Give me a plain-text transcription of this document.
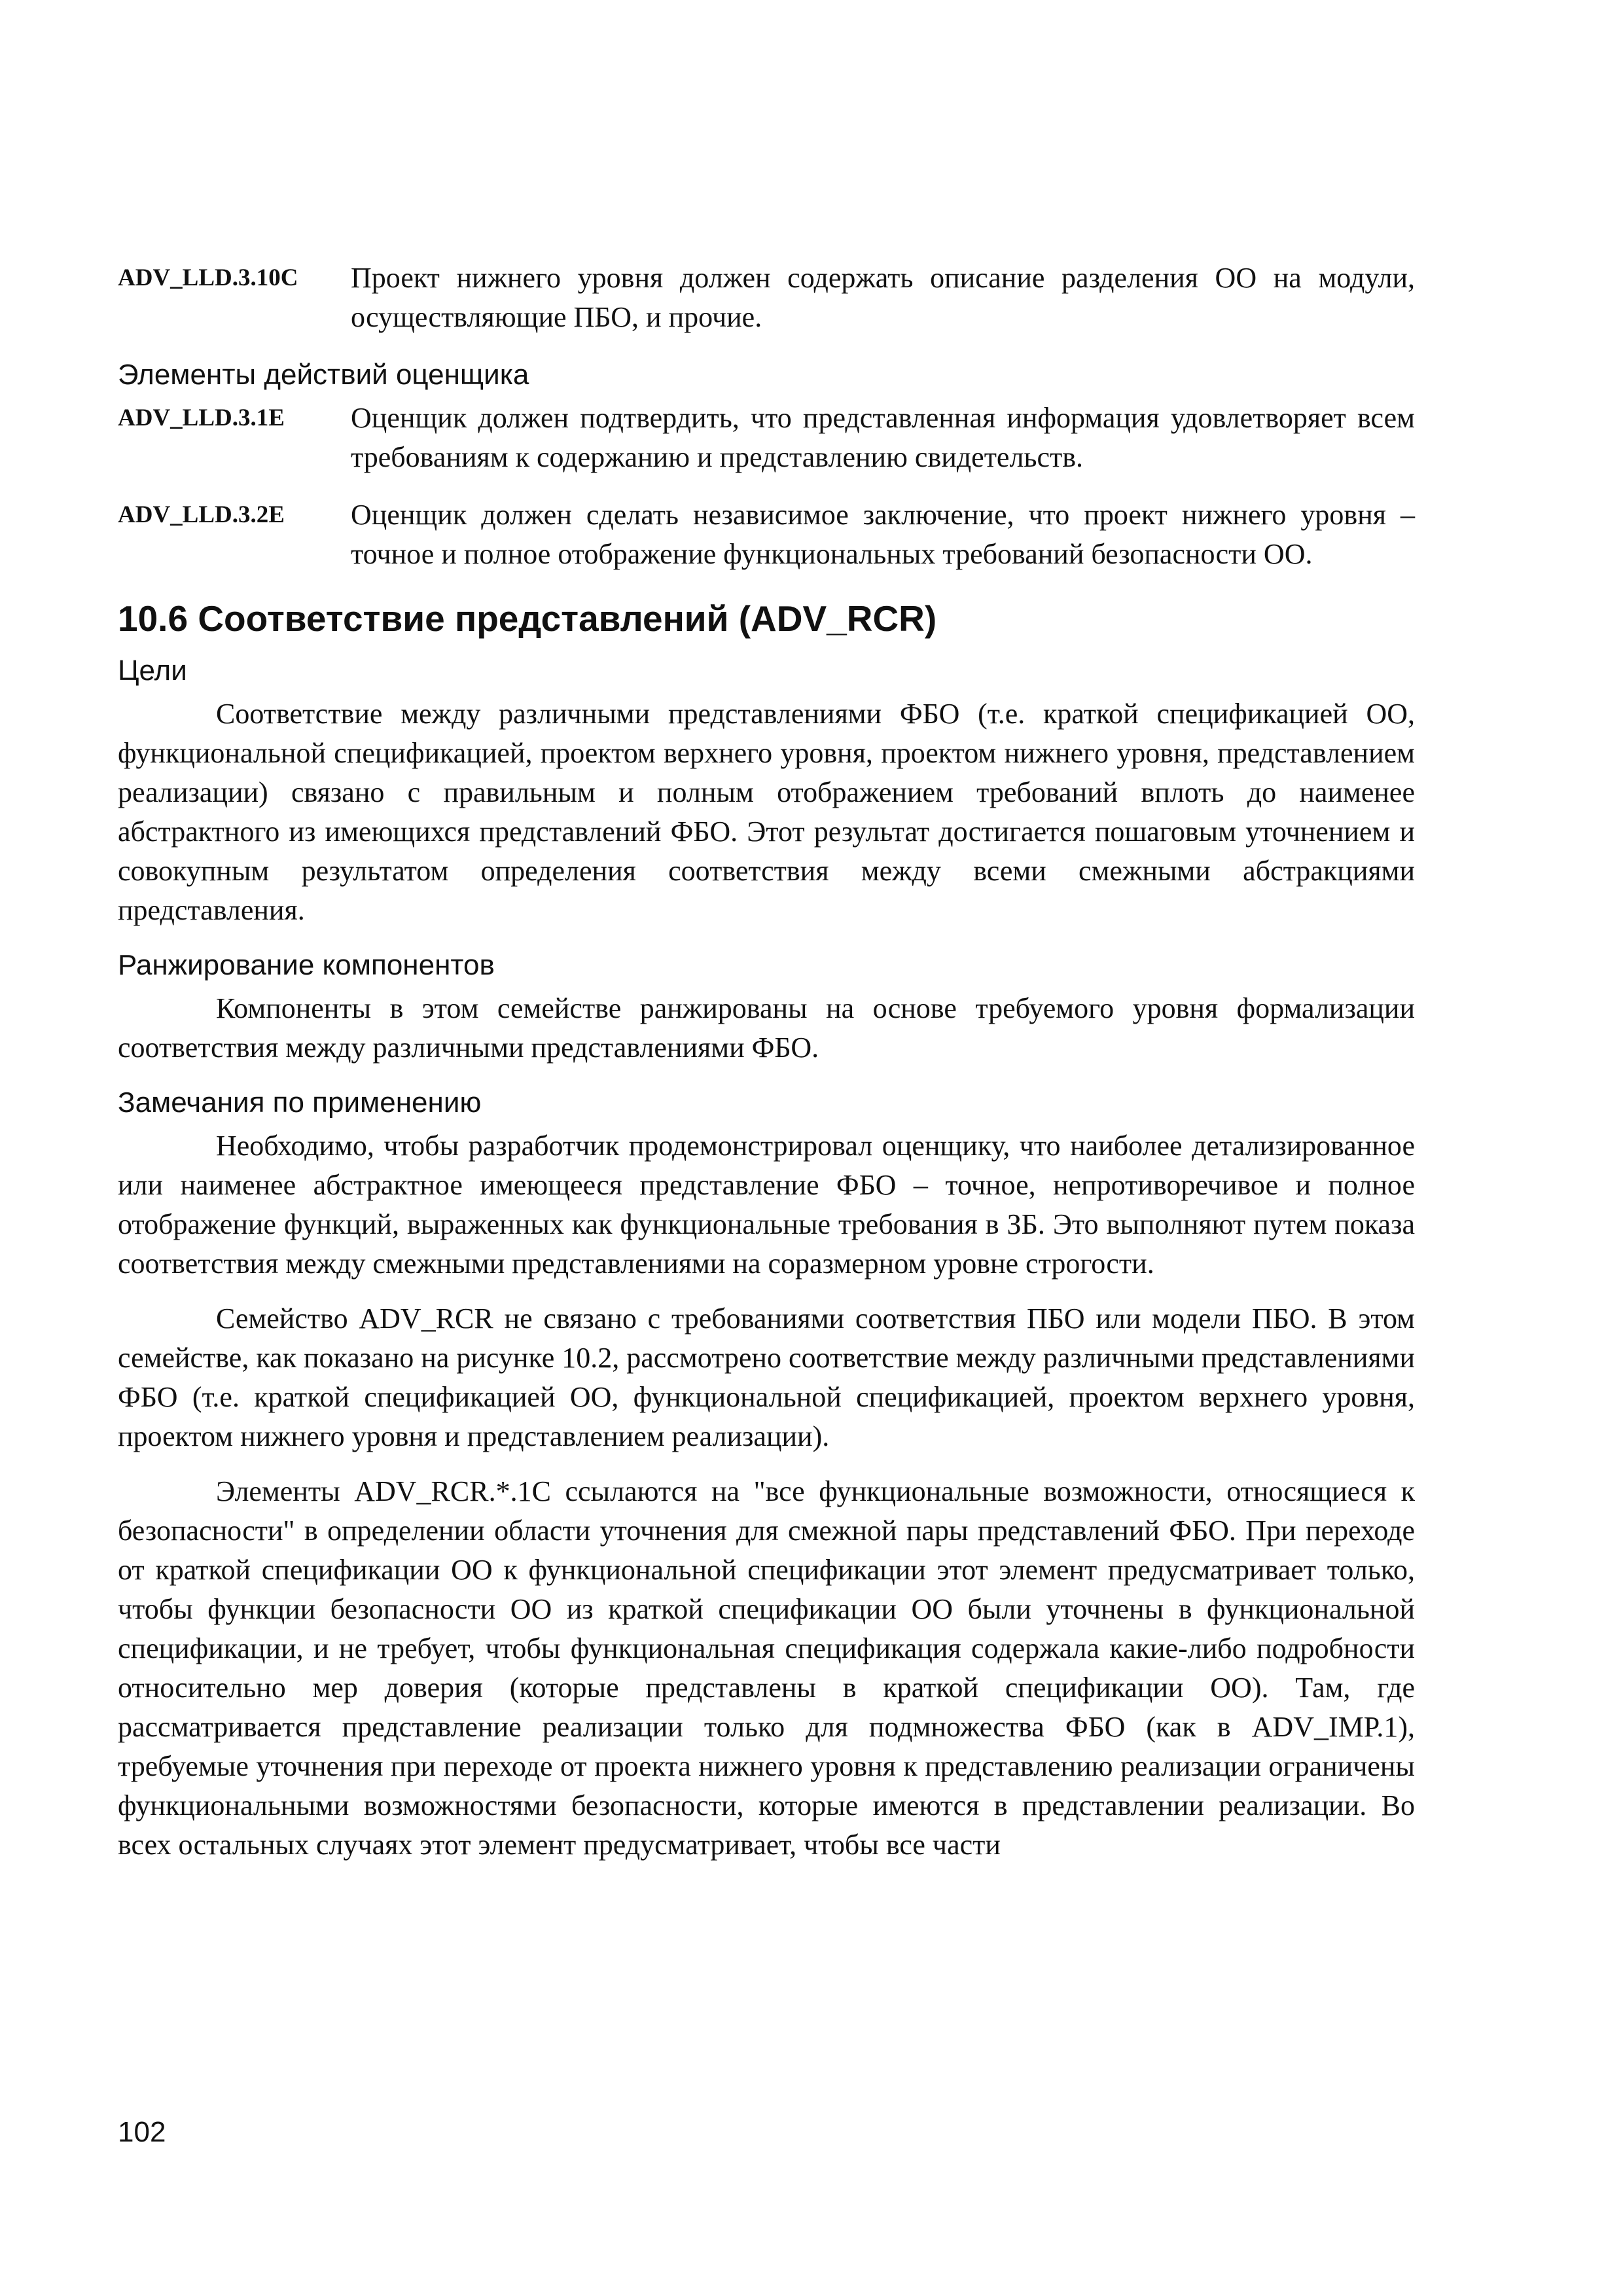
ADV_LLD.3.10C	Проект нижнего уровня должен содержать описание разделения ОО на модули, осуществляющие ПБО, и прочие.
Элементы действий оценщика
ADV_LLD.3.1E	Оценщик должен подтвердить, что представленная информация удовлетворяет всем требованиям к содержанию и представлению свидетельств.
ADV_LLD.3.2E	Оценщик должен сделать независимое заключение, что проект нижнего уровня – точное и полное отображение функциональных требований безопасности ОО.
10.6 Соответствие представлений (ADV_RCR)
Цели

Соответствие между различными представлениями ФБО (т.е. краткой спецификацией ОО, функциональной спецификацией, проектом верхнего уровня, проектом нижнего уровня, представлением реализации) связано с правильным и полным отображением требований вплоть до наименее абстрактного из имеющихся представлений ФБО. Этот результат достигается пошаговым уточнением и совокупным результатом определения соответствия между всеми смежными абстракциями представления.

Ранжирование компонентов

Компоненты в этом семействе ранжированы на основе требуемого уровня формализации соответствия между различными представлениями ФБО.

Замечания по применению

Необходимо, чтобы разработчик продемонстрировал оценщику, что наиболее детализированное или наименее абстрактное имеющееся представление ФБО – точное, непротиворечивое и полное отображение функций, выраженных как функциональные требования в ЗБ. Это выполняют путем показа соответствия между смежными представлениями на соразмерном уровне строгости.

Семейство ADV_RCR не связано с требованиями соответствия ПБО или модели ПБО. В этом семействе, как показано на рисунке 10.2, рассмотрено соответствие между различными представлениями ФБО (т.е. краткой спецификацией ОО, функциональной спецификацией, проектом верхнего уровня, проектом нижнего уровня и представлением реализации).

Элементы ADV_RCR.*.1C ссылаются на "все функциональные возможности, относящиеся к безопасности" в определении области уточнения для смежной пары представлений ФБО. При переходе от краткой спецификации ОО к функциональной спецификации этот элемент предусматривает только, чтобы функции безопасности ОО из краткой спецификации ОО были уточнены в функциональной спецификации, и не требует, чтобы функциональная спецификация содержала какие-либо подробности относительно мер доверия (которые представлены в краткой спецификации ОО). Там, где рассматривается представление реализации только для подмножества ФБО (как в ADV_IMP.1), требуемые уточнения при переходе от проекта нижнего уровня к представлению реализации ограничены функциональными возможностями безопасности, которые имеются в представлении реализации. Во всех остальных случаях этот элемент предусматривает, чтобы все части

102
